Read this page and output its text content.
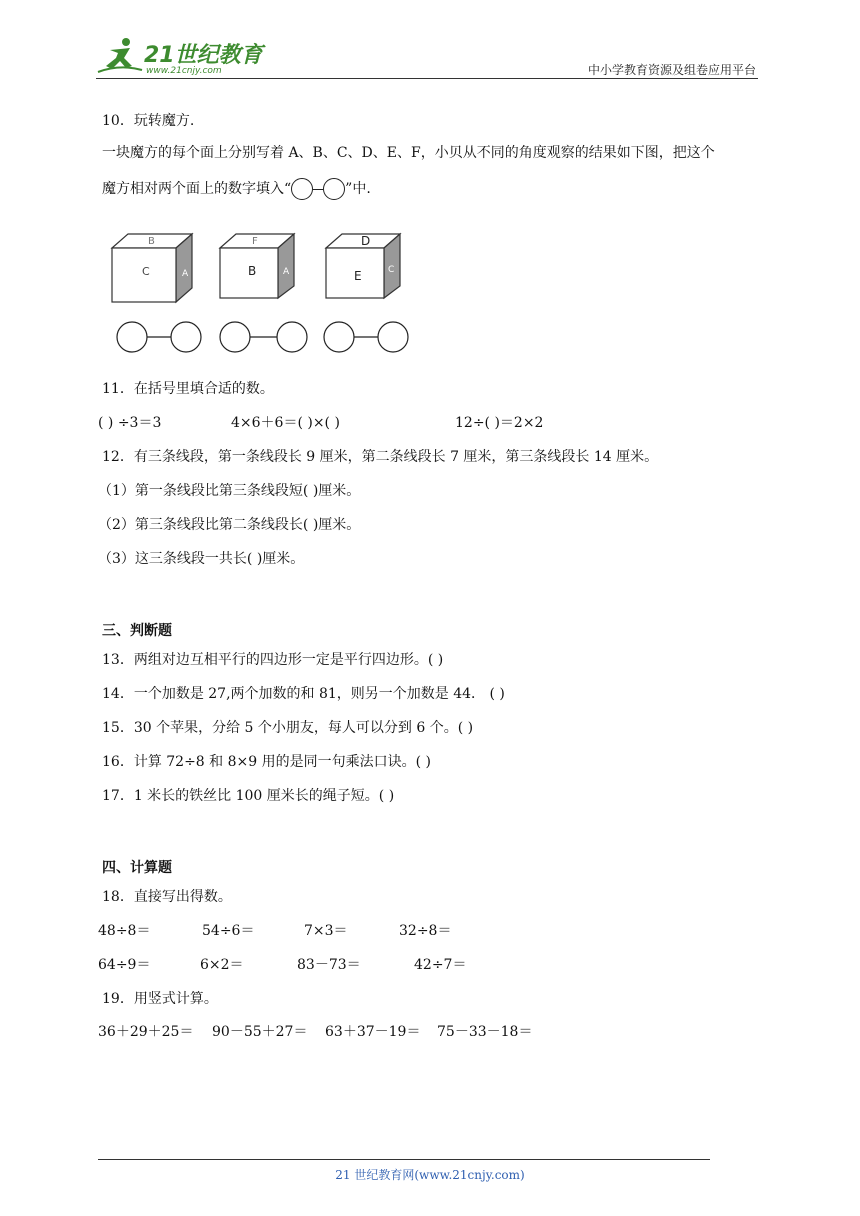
21世纪教育
www.21cnjy.com	中小学教育资源及组卷应用平台
10．玩转魔方.
一块魔方的每个面上分别写着 A、B、C、D、E、F，小贝从不同的角度观察的结果如下图，把这个
魔方相对两个面上的数字填入“	”中.
B
C	A
F
B	A
D
E	C
11．在括号里填合适的数。
( ) ÷3＝3	4×6＋6＝( )×( )	12÷( )＝2×2
12．有三条线段，第一条线段长 9 厘米，第二条线段长 7 厘米，第三条线段长 14 厘米。
（1）第一条线段比第三条线段短( )厘米。
（2）第三条线段比第二条线段长( )厘米。
（3）这三条线段一共长( )厘米。
三、判断题
13．两组对边互相平行的四边形一定是平行四边形。( )
14．一个加数是 27,两个加数的和 81，则另一个加数是 44． ( )
15．30 个苹果，分给 5 个小朋友，每人可以分到 6 个。( )
16．计算 72÷8 和 8×9 用的是同一句乘法口诀。( )
17．1 米长的铁丝比 100 厘米长的绳子短。( )
四、计算题
18．直接写出得数。
48÷8＝	54÷6＝	7×3＝	32÷8＝
64÷9＝	6×2＝	83－73＝	42÷7＝
19．用竖式计算。
36＋29＋25＝ 90－55＋27＝ 63＋37－19＝ 75－33－18＝
21 世纪教育网(www.21cnjy.com)
